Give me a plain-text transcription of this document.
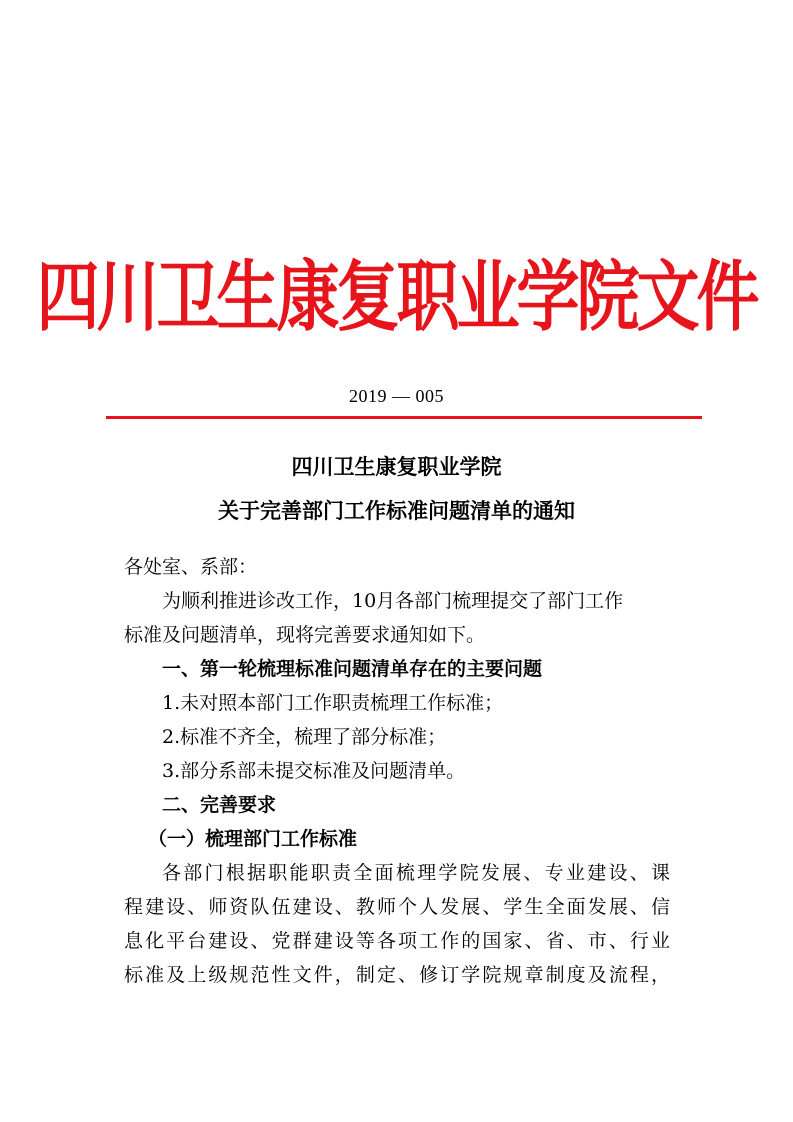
四川卫生康复职业学院文件
2019 — 005
四川卫生康复职业学院
关于完善部门工作标准问题清单的通知
各处室、系部：
为顺利推进诊改工作，10月各部门梳理提交了部门工作
标准及问题清单，现将完善要求通知如下。
一、第一轮梳理标准问题清单存在的主要问题
1.未对照本部门工作职责梳理工作标准；
2.标准不齐全，梳理了部分标准；
3.部分系部未提交标准及问题清单。
二、完善要求
（一）梳理部门工作标准
各部门根据职能职责全面梳理学院发展、专业建设、课
程建设、师资队伍建设、教师个人发展、学生全面发展、信
息化平台建设、党群建设等各项工作的国家、省、市、行业
标准及上级规范性文件，制定、修订学院规章制度及流程，
